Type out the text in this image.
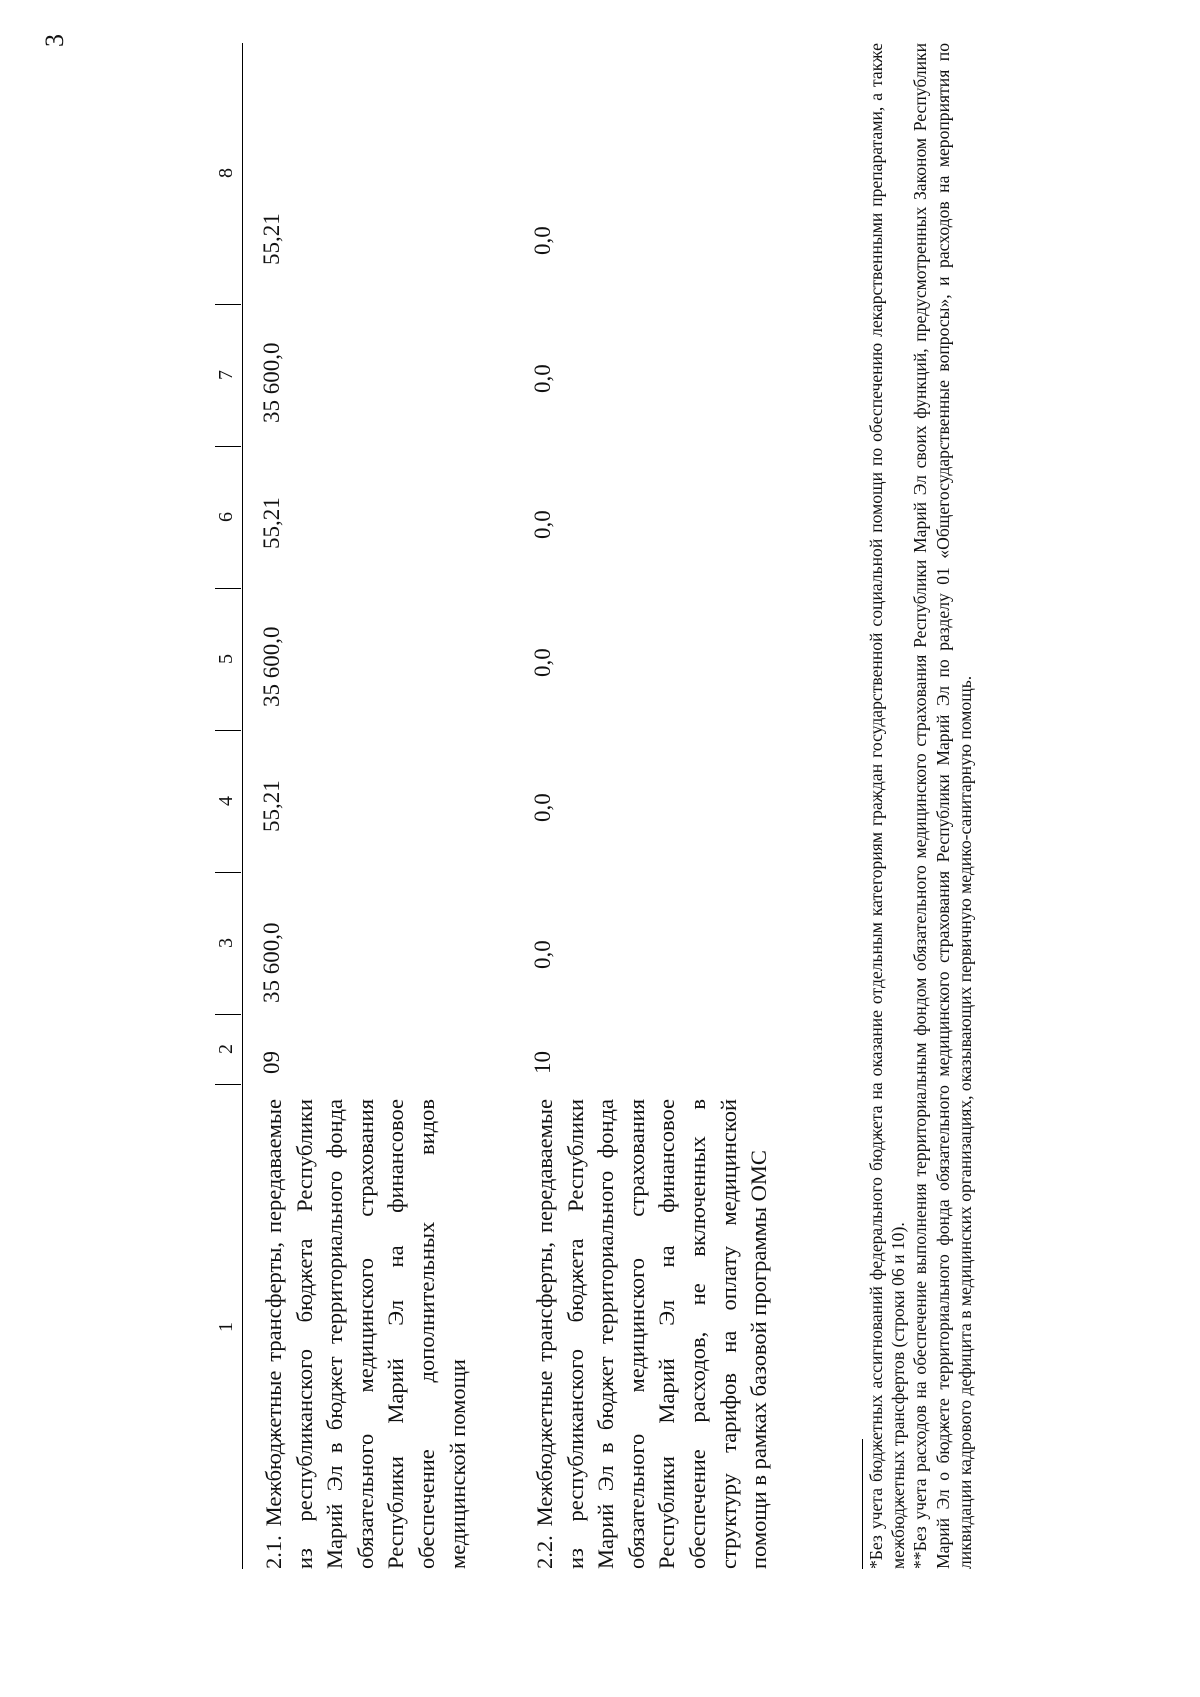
3
1
2
3
4
5
6
7
8
2.1. Межбюджетные трансферты, передаваемые из республиканского бюджета Республики Марий Эл в бюджет территориального фонда обязательного медицинского страхования Республики Марий Эл на финансовое обеспечение дополнительных видов медицинской помощи
09
35 600,0
55,21
35 600,0
55,21
35 600,0
55,21
2.2. Межбюджетные трансферты, передаваемые из республиканского бюджета Республики Марий Эл в бюджет территориального фонда обязательного медицинского страхования Республики Марий Эл на финансовое обеспечение расходов, не включенных в структуру тарифов на оплату медицинской помощи в рамках базовой программы ОМС
10
0,0
0,0
0,0
0,0
0,0
0,0	*Без учета бюджетных ассигнований федерального бюджета на оказание отдельным категориям граждан государственной социальной помощи по обеспечению лекарственными препаратами, а также межбюджетных трансфертов (строки 06 и 10). **Без учета расходов на обеспечение выполнения территориальным фондом обязательного медицинского страхования Республики Марий Эл своих функций, предусмотренных Законом Республики Марий Эл о бюджете территориального фонда обязательного медицинского страхования Республики Марий Эл по разделу 01 «Общегосударственные вопросы», и расходов на мероприятия по ликвидации кадрового дефицита в медицинских организациях, оказывающих первичную медико-санитарную помощь.
